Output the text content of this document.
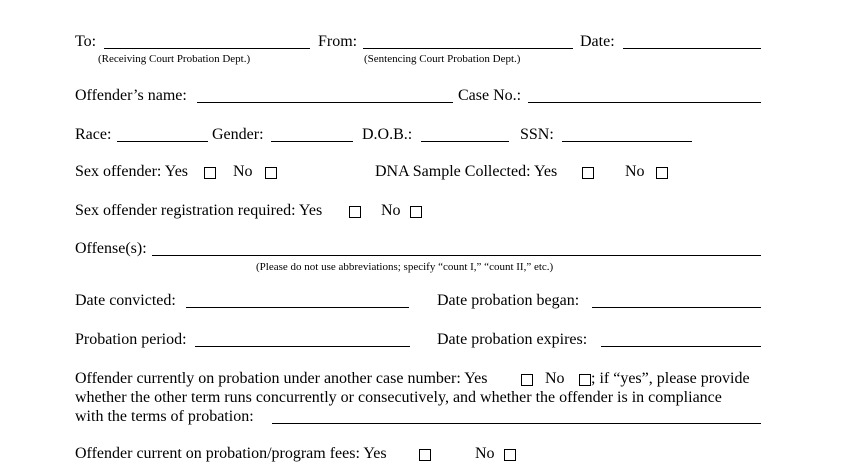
To:
(Receiving Court Probation Dept.)
From:
(Sentencing Court Probation Dept.)
Date:
Offender’s name:	Case No.:
Race:	Gender:	D.O.B.:	SSN:
Sex offender: Yes	No	DNA Sample Collected: Yes	No
Sex offender registration required: Yes	No
Offense(s):
(Please do not use abbreviations; specify “count I,” “count II,” etc.)
Date convicted:	Date probation began:
Probation period:	Date probation expires:
Offender currently on probation under another case number: Yes	No ; if “yes”, please provide
whether the other term runs concurrently or consecutively, and whether the offender is in compliance
with the terms of probation:
Offender current on probation/program fees: Yes	No
